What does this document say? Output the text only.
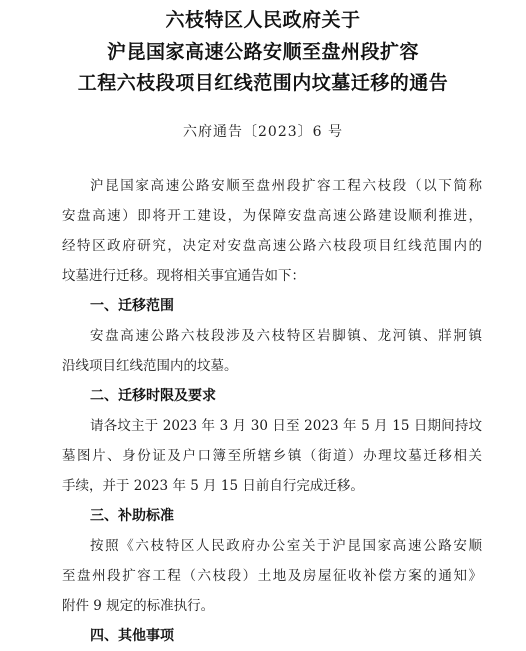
六枝特区人民政府关于
沪昆国家高速公路安顺至盘州段扩容
工程六枝段项目红线范围内坟墓迁移的通告
六府通告〔2023〕6 号
沪昆国家高速公路安顺至盘州段扩容工程六枝段（以下简称
安盘高速）即将开工建设，为保障安盘高速公路建设顺利推进，
经特区政府研究，决定对安盘高速公路六枝段项目红线范围内的
坟墓进行迁移。现将相关事宜通告如下：
一、迁移范围
安盘高速公路六枝段涉及六枝特区岩脚镇、龙河镇、牂牁镇
沿线项目红线范围内的坟墓。
二、迁移时限及要求
请各坟主于 2023 年 3 月 30 日至 2023 年 5 月 15 日期间持坟
墓图片、身份证及户口簿至所辖乡镇（街道）办理坟墓迁移相关
手续，并于 2023 年 5 月 15 日前自行完成迁移。
三、补助标准
按照《六枝特区人民政府办公室关于沪昆国家高速公路安顺
至盘州段扩容工程（六枝段）土地及房屋征收补偿方案的通知》
附件 9 规定的标准执行。
四、其他事项
